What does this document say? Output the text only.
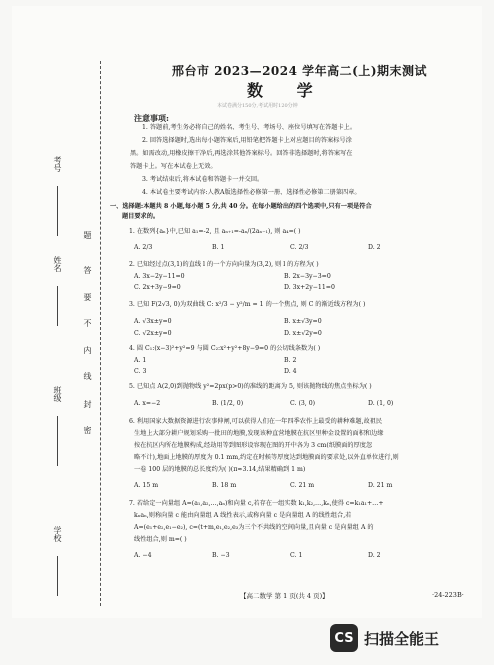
考号
姓名
班级
学校
题
答
要
不
内
线
封
密
邢台市 2023—2024 学年高二(上)期末测试
数 学
本试卷满分150分,考试用时120分钟
注意事项:
1. 答题前,考生务必将自己的姓名、考生号、考场号、座位号填写在答题卡上。
2. 回答选择题时,选出每小题答案后,用铅笔把答题卡上对应题目的答案标号涂
黑。如需改动,用橡皮擦干净后,再选涂其他答案标号。回答非选择题时,将答案写在
答题卡上。写在本试卷上无效。
3. 考试结束后,将本试卷和答题卡一并交回。
4. 本试卷主要考试内容:人教A版选择性必修第一册、选择性必修第二册第四章。
一、选择题:本题共 8 小题,每小题 5 分,共 40 分。在每小题给出的四个选项中,只有一项是符合
题目要求的。
1. 在数列{aₙ}中,已知 a₁=-2, 且 aₙ₊₁=-aₙ/(2aₙ₋₁), 则 a₄=( )
A. 2/3	B. 1	C. 2/3	D. 2
2. 已知经过点(3,1)的直线 l 的一个方向向量为(3,2), 则 l 的方程为( )
A. 3x−2y−11=0	B. 2x−3y−3=0
C. 2x+3y−9=0	D. 3x+2y−11=0
3. 已知 F(2√3, 0)为双曲线 C: x²/3 − y²/m = 1 的一个焦点, 则 C 的渐近线方程为( )
A. √3x±y=0	B. x±√3y=0
C. √2x±y=0	D. x±√2y=0
4. 圆 C₁:(x−3)²+y²=9 与圆 C₂:x²+y²+8y−9=0 的公切线条数为( )
A. 1	B. 2
C. 3	D. 4
5. 已知点 A(2,0)到抛物线 y²=2px(p>0)的准线的距离为 5, 则该抛物线的焦点坐标为( )
A. x=−2	B. (1/2, 0)	C. (3, 0)	D. (1, 0)
6. 利用国家大数据资源进行农事伸闸,可以获得人们在一年四季农作上最受的耕种难题,故祖民
生地上大部分耕户规划采购一批田的地膜,发现该种直营地膜在抗区里种金设置的面积和边缘
按在抗区内所在地膜构成,经劫用等到图形设容现在图的开中各为 3 cm(纸膜面的厚度忽
略不计),地面上地膜的厚度为 0.1 mm,约定在时候等厚度达到地膜面的要求处,以外直单位进行,则
一卷 100 层的地膜的总长度约为( )(π≈3.14,结果精确到 1 m)
A. 15 m	B. 18 m	C. 21 m	D. 21 m
7. 若给定一向量组 A=(a₁,a₂,…,aₙ)和向量 c,若存在一组实数 k₁,k₂,…,kₙ,使得 c=k₁a₁+…+
kₙaₙ,则称向量 c 能由向量组 A 线性表示,或称向量 c 是向量组 A 的线性组合,若
A=(e₁+e₂,e₁−e₂), c=(t+m,e₁,e₂,e₃为三个不共线的空间向量,且向量 c 是向量组 A 的
线性组合,则 m=( )
A. −4	B. −3	C. 1	D. 2
【高二数学 第 1 页(共 4 页)】	·24-223B·
CS 扫描全能王
